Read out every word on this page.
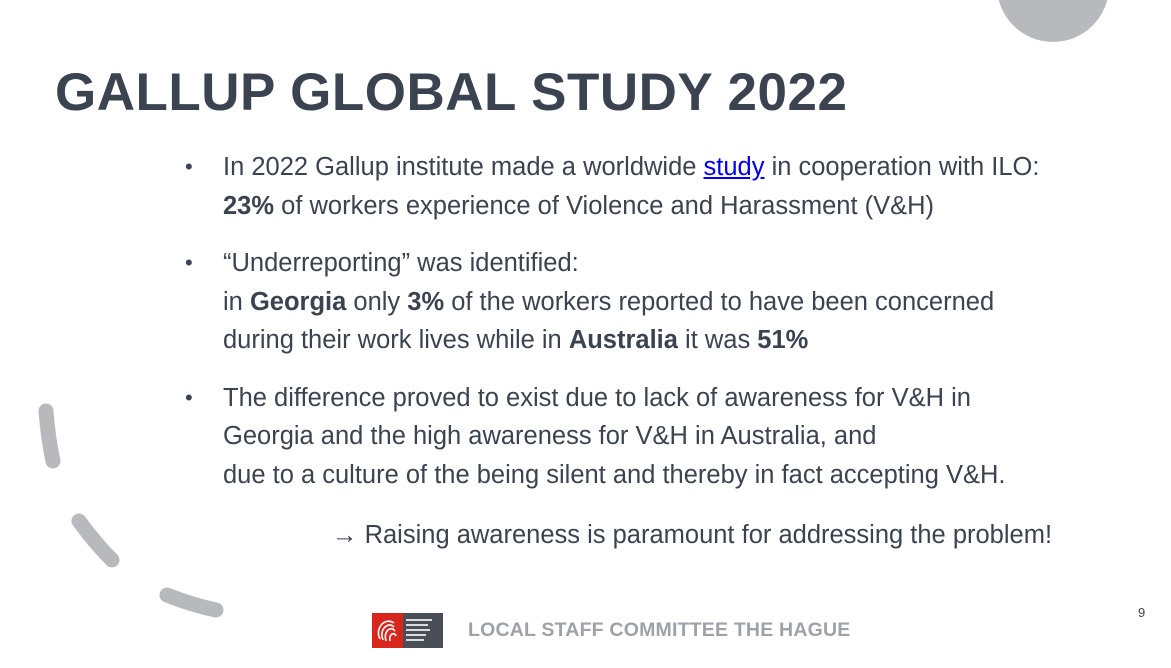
GALLUP GLOBAL STUDY 2022
• In 2022 Gallup institute made a worldwide study in cooperation with ILO:
23% of workers experience of Violence and Harassment (V&H)
• “Underreporting” was identified:
in Georgia only 3% of the workers reported to have been concerned
during their work lives while in Australia it was 51%
• The difference proved to exist due to lack of awareness for V&H in
Georgia and the high awareness for V&H in Australia, and
due to a culture of the being silent and thereby in fact accepting V&H.
→ Raising awareness is paramount for addressing the problem!
LOCAL STAFF COMMITTEE THE HAGUE
9
